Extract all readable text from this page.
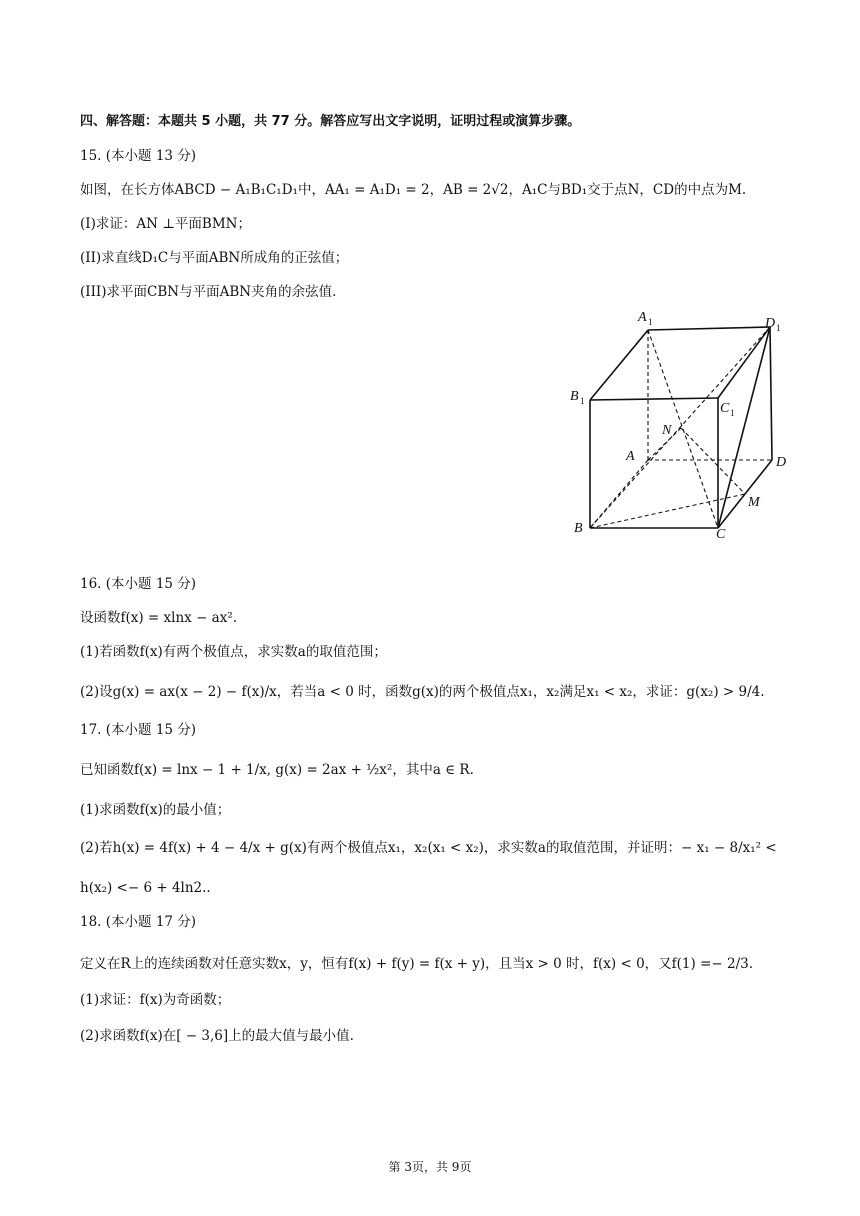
四、解答题：本题共 5 小题，共 77 分。解答应写出文字说明，证明过程或演算步骤。
15. (本小题 13 分)
如图，在长方体ABCD − A₁B₁C₁D₁中，AA₁ = A₁D₁ = 2，AB = 2√2，A₁C与BD₁交于点N，CD的中点为M.
(I)求证：AN ⊥平面BMN；
(II)求直线D₁C与平面ABN所成角的正弦值；
(III)求平面CBN与平面ABN夹角的余弦值.
A 1	D 1
B 1	C 1
N
A	D
M
B	C
16. (本小题 15 分)
设函数f(x) = xlnx − ax².
(1)若函数f(x)有两个极值点，求实数a的取值范围；
(2)设g(x) = ax(x − 2) − f(x)/x，若当a < 0 时，函数g(x)的两个极值点x₁，x₂满足x₁ < x₂，求证：g(x₂) > 9/4.
17. (本小题 15 分)
已知函数f(x) = lnx − 1 + 1/x, g(x) = 2ax + ½x²，其中a ∈ R.
(1)求函数f(x)的最小值；
(2)若h(x) = 4f(x) + 4 − 4/x + g(x)有两个极值点x₁，x₂(x₁ < x₂)，求实数a的取值范围，并证明：− x₁ − 8/x₁² <
h(x₂) <− 6 + 4ln2..
18. (本小题 17 分)
定义在R上的连续函数对任意实数x，y，恒有f(x) + f(y) = f(x + y)，且当x > 0 时，f(x) < 0，又f(1) =− 2/3.
(1)求证：f(x)为奇函数；
(2)求函数f(x)在[ − 3,6]上的最大值与最小值.
第 3页，共 9页
